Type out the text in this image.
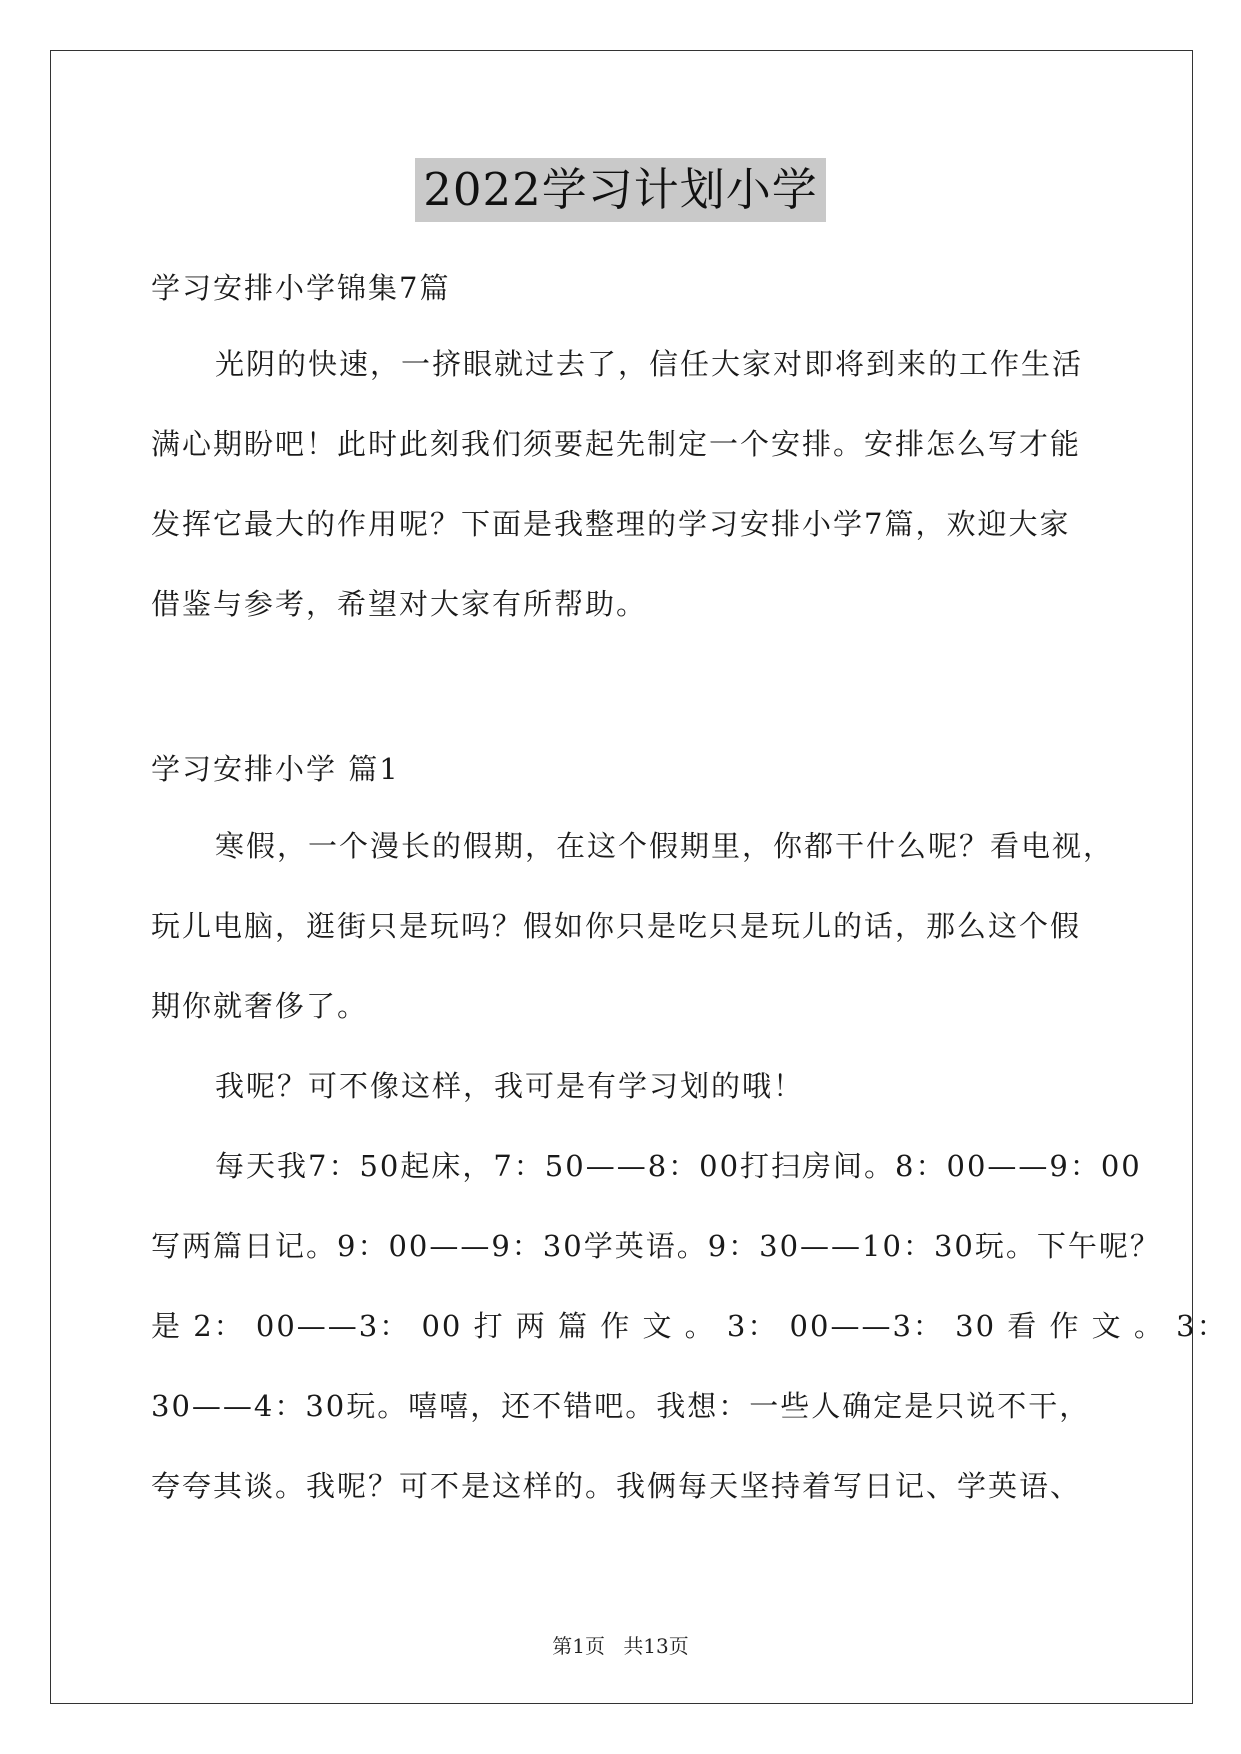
2022学习计划小学
学习安排小学锦集7篇
光阴的快速，一挤眼就过去了，信任大家对即将到来的工作生活
满心期盼吧！此时此刻我们须要起先制定一个安排。安排怎么写才能
发挥它最大的作用呢？下面是我整理的学习安排小学7篇，欢迎大家
借鉴与参考，希望对大家有所帮助。
学习安排小学 篇1
寒假，一个漫长的假期，在这个假期里，你都干什么呢？看电视，
玩儿电脑，逛街只是玩吗？假如你只是吃只是玩儿的话，那么这个假
期你就奢侈了。
我呢？可不像这样，我可是有学习划的哦！
每天我7：50起床，7：50——8：00打扫房间。8：00——9：00
写两篇日记。9：00——9：30学英语。9：30——10：30玩。下午呢？
是 2： 00——3： 00 打 两 篇 作 文 。 3： 00——3： 30 看 作 文 。 3：
30——4：30玩。嘻嘻，还不错吧。我想：一些人确定是只说不干，
夸夸其谈。我呢？可不是这样的。我俩每天坚持着写日记、学英语、
第1页 共13页
